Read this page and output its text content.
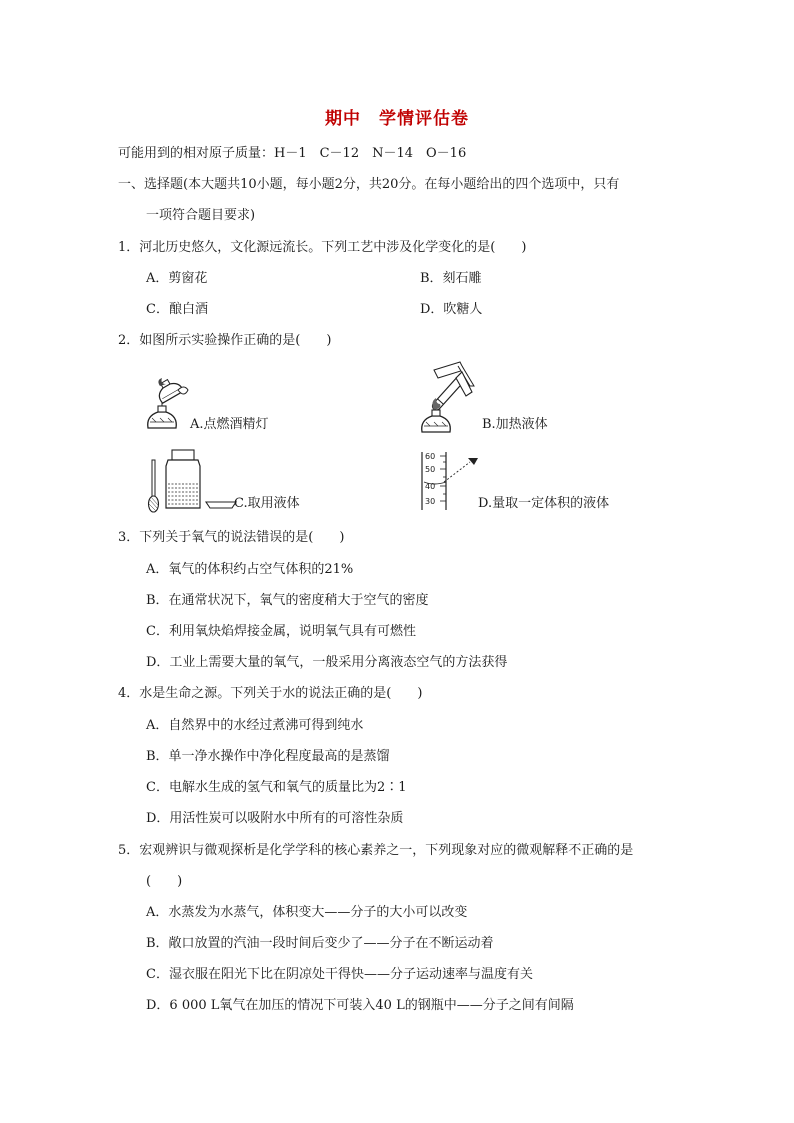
期中　学情评估卷
可能用到的相对原子质量：H－1　C－12　N－14　O－16
一、选择题(本大题共10小题，每小题2分，共20分。在每小题给出的四个选项中，只有
一项符合题目要求)
1．河北历史悠久，文化源远流长。下列工艺中涉及化学变化的是(　　)
A．剪窗花	B．刻石雕
C．酿白酒	D．吹糖人
2．如图所示实验操作正确的是(　　)
A.点燃酒精灯	B.加热液体
C.取用液体
60
50
40
30	D.量取一定体积的液体
3．下列关于氧气的说法错误的是(　　)
A．氧气的体积约占空气体积的21%
B．在通常状况下，氧气的密度稍大于空气的密度
C．利用氧炔焰焊接金属，说明氧气具有可燃性
D．工业上需要大量的氧气，一般采用分离液态空气的方法获得
4．水是生命之源。下列关于水的说法正确的是(　　)
A．自然界中的水经过煮沸可得到纯水
B．单一净水操作中净化程度最高的是蒸馏
C．电解水生成的氢气和氧气的质量比为2∶1
D．用活性炭可以吸附水中所有的可溶性杂质
5．宏观辨识与微观探析是化学学科的核心素养之一，下列现象对应的微观解释不正确的是
(　　)
A．水蒸发为水蒸气，体积变大——分子的大小可以改变
B．敞口放置的汽油一段时间后变少了——分子在不断运动着
C．湿衣服在阳光下比在阴凉处干得快——分子运动速率与温度有关
D．6 000 L氧气在加压的情况下可装入40 L的钢瓶中——分子之间有间隔
